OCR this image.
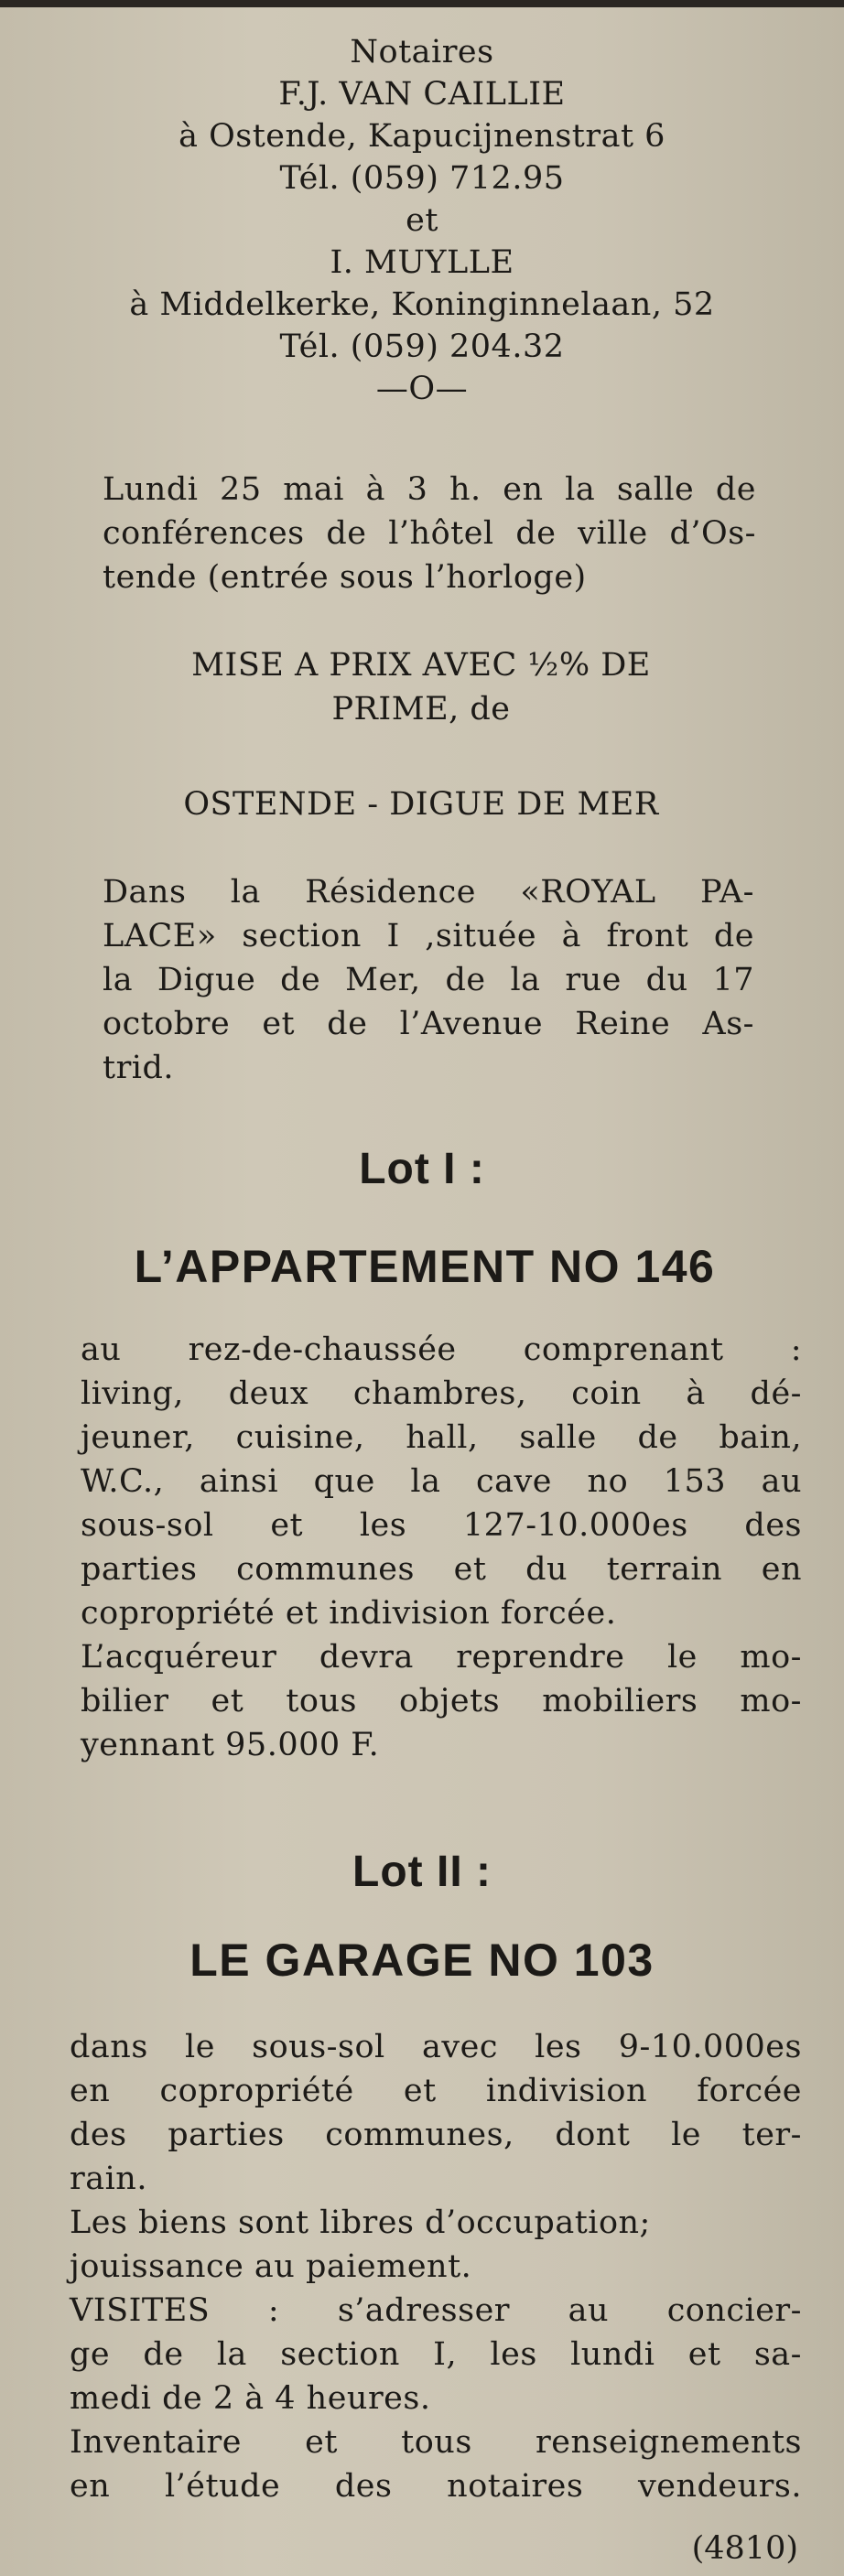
Notaires
F.J. VAN CAILLIE
à Ostende, Kapucijnenstrat 6
Tél. (059) 712.95
et
I. MUYLLE
à Middelkerke, Koninginnelaan, 52
Tél. (059) 204.32
—O—
Lundi 25 mai à 3 h. en la salle de
conférences de l’hôtel de ville d’Os-
tende (entrée sous l’horloge)
MISE A PRIX AVEC ½% DE
PRIME, de
OSTENDE - DIGUE DE MER
Dans la Résidence «ROYAL PA-
LACE» section I ,située à front de
la Digue de Mer, de la rue du 17
octobre et de l’Avenue Reine As-
trid.
Lot I :
L’APPARTEMENT NO 146
au rez-de-chaussée comprenant :
living, deux chambres, coin à dé-
jeuner, cuisine, hall, salle de bain,
W.C., ainsi que la cave no 153 au
sous-sol et les 127-10.000es des
parties communes et du terrain en
copropriété et indivision forcée.
L’acquéreur devra reprendre le mo-
bilier et tous objets mobiliers mo-
yennant 95.000 F.
Lot II :
LE GARAGE NO 103
dans le sous-sol avec les 9-10.000es
en copropriété et indivision forcée
des parties communes, dont le ter-
rain.
Les biens sont libres d’occupation;
jouissance au paiement.
VISITES : s’adresser au concier-
ge de la section I, les lundi et sa-
medi de 2 à 4 heures.
Inventaire et tous renseignements
en l’étude des notaires vendeurs.
(4810)
